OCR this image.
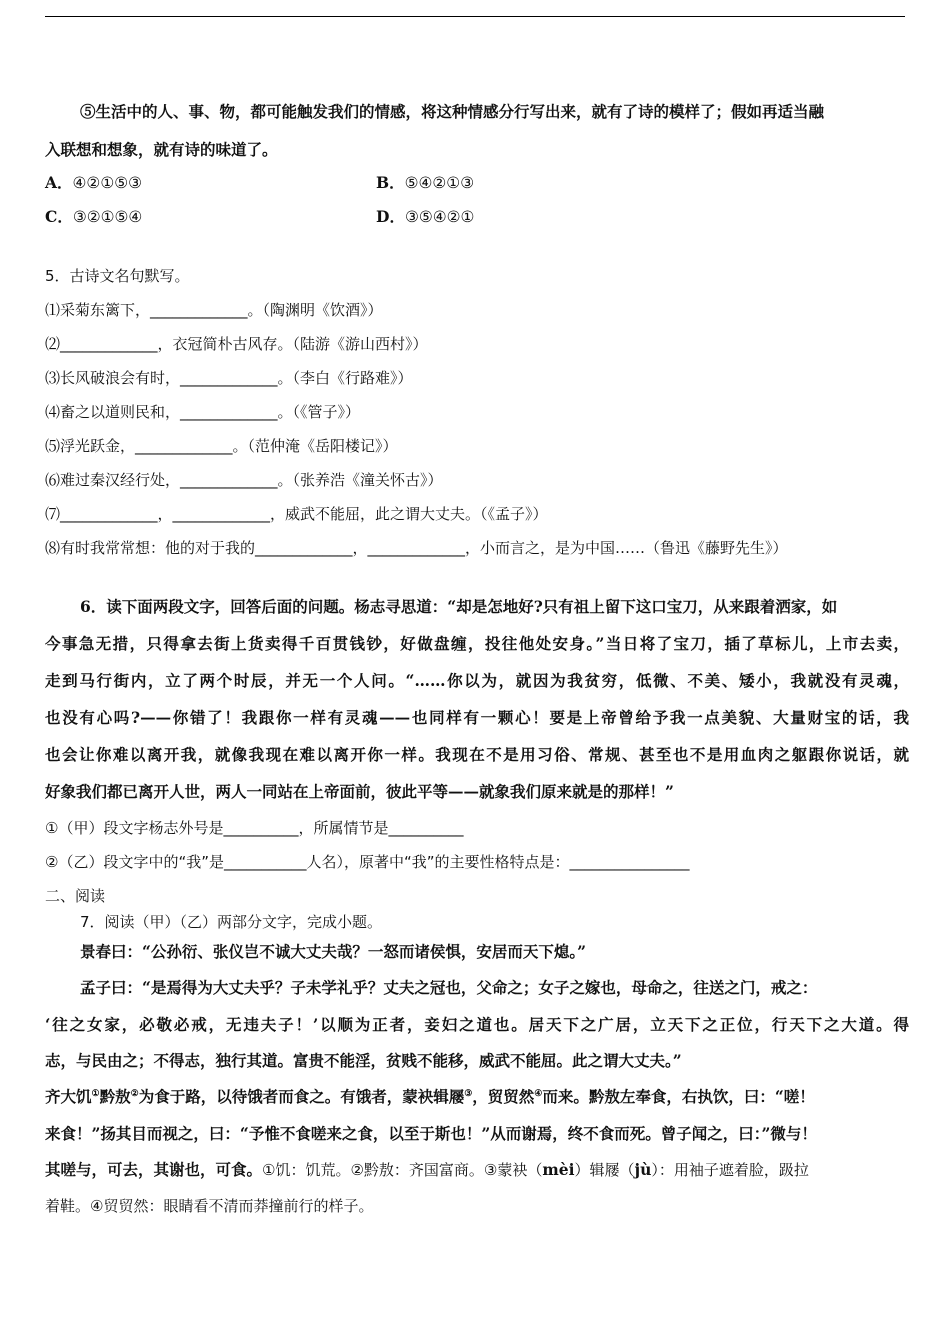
⑤生活中的人、事、物，都可能触发我们的情感，将这种情感分行写出来，就有了诗的模样了；假如再适当融
入联想和想象，就有诗的味道了。
A．④②①⑤③	B．⑤④②①③
C．③②①⑤④	D．③⑤④②①
5．古诗文名句默写。
⑴采菊东篱下，_____________。（陶渊明《饮酒》）
⑵_____________，衣冠简朴古风存。（陆游《游山西村》）
⑶长风破浪会有时，_____________。（李白《行路难》）
⑷畜之以道则民和，_____________。（《管子》）
⑸浮光跃金，_____________。（范仲淹《岳阳楼记》）
⑹难过秦汉经行处，_____________。（张养浩《潼关怀古》）
⑺_____________，_____________，威武不能屈，此之谓大丈夫。（《孟子》）
⑻有时我常常想：他的对于我的_____________，_____________，小而言之，是为中国……（鲁迅《藤野先生》）
6．读下面两段文字，回答后面的问题。杨志寻思道：“却是怎地好?只有祖上留下这口宝刀，从来跟着洒家，如
今事急无措，只得拿去街上货卖得千百贯钱钞，好做盘缠，投往他处安身。”当日将了宝刀，插了草标儿，上市去卖，
走到马行街内，立了两个时辰，并无一个人问。“……你以为，就因为我贫穷，低微、不美、矮小，我就没有灵魂，
也没有心吗?——你错了！我跟你一样有灵魂——也同样有一颗心！要是上帝曾给予我一点美貌、大量财宝的话，我
也会让你难以离开我，就像我现在难以离开你一样。我现在不是用习俗、常规、甚至也不是用血肉之躯跟你说话，就
好象我们都已离开人世，两人一同站在上帝面前，彼此平等——就象我们原来就是的那样！”
①（甲）段文字杨志外号是__________，所属情节是__________
②（乙）段文字中的“我”是___________人名），原著中“我”的主要性格特点是：________________
二、阅读
7．阅读（甲）（乙）两部分文字，完成小题。
景春曰：“公孙衍、张仪岂不诚大丈夫哉？一怒而诸侯惧，安居而天下熄。”
孟子曰：“是焉得为大丈夫乎？子未学礼乎？丈夫之冠也，父命之；女子之嫁也，母命之，往送之门，戒之：
‘往之女家，必敬必戒，无违夫子！’以顺为正者，妾妇之道也。居天下之广居，立天下之正位，行天下之大道。得
志，与民由之；不得志，独行其道。富贵不能淫，贫贱不能移，威武不能屈。此之谓大丈夫。”
齐大饥①黔敖②为食于路，以待饿者而食之。有饿者，蒙袂辑屦③，贸贸然④而来。黔敖左奉食，右执饮，曰：“嗟！
来食！”扬其目而视之，曰：“予惟不食嗟来之食，以至于斯也！”从而谢焉，终不食而死。曾子闻之，曰：”微与！
其嗟与，可去，其谢也，可食。①饥：饥荒。②黔敖：齐国富商。③蒙袂（mèi）辑屦（jù）：用袖子遮着脸，趿拉
着鞋。④贸贸然：眼睛看不清而莽撞前行的样子。
